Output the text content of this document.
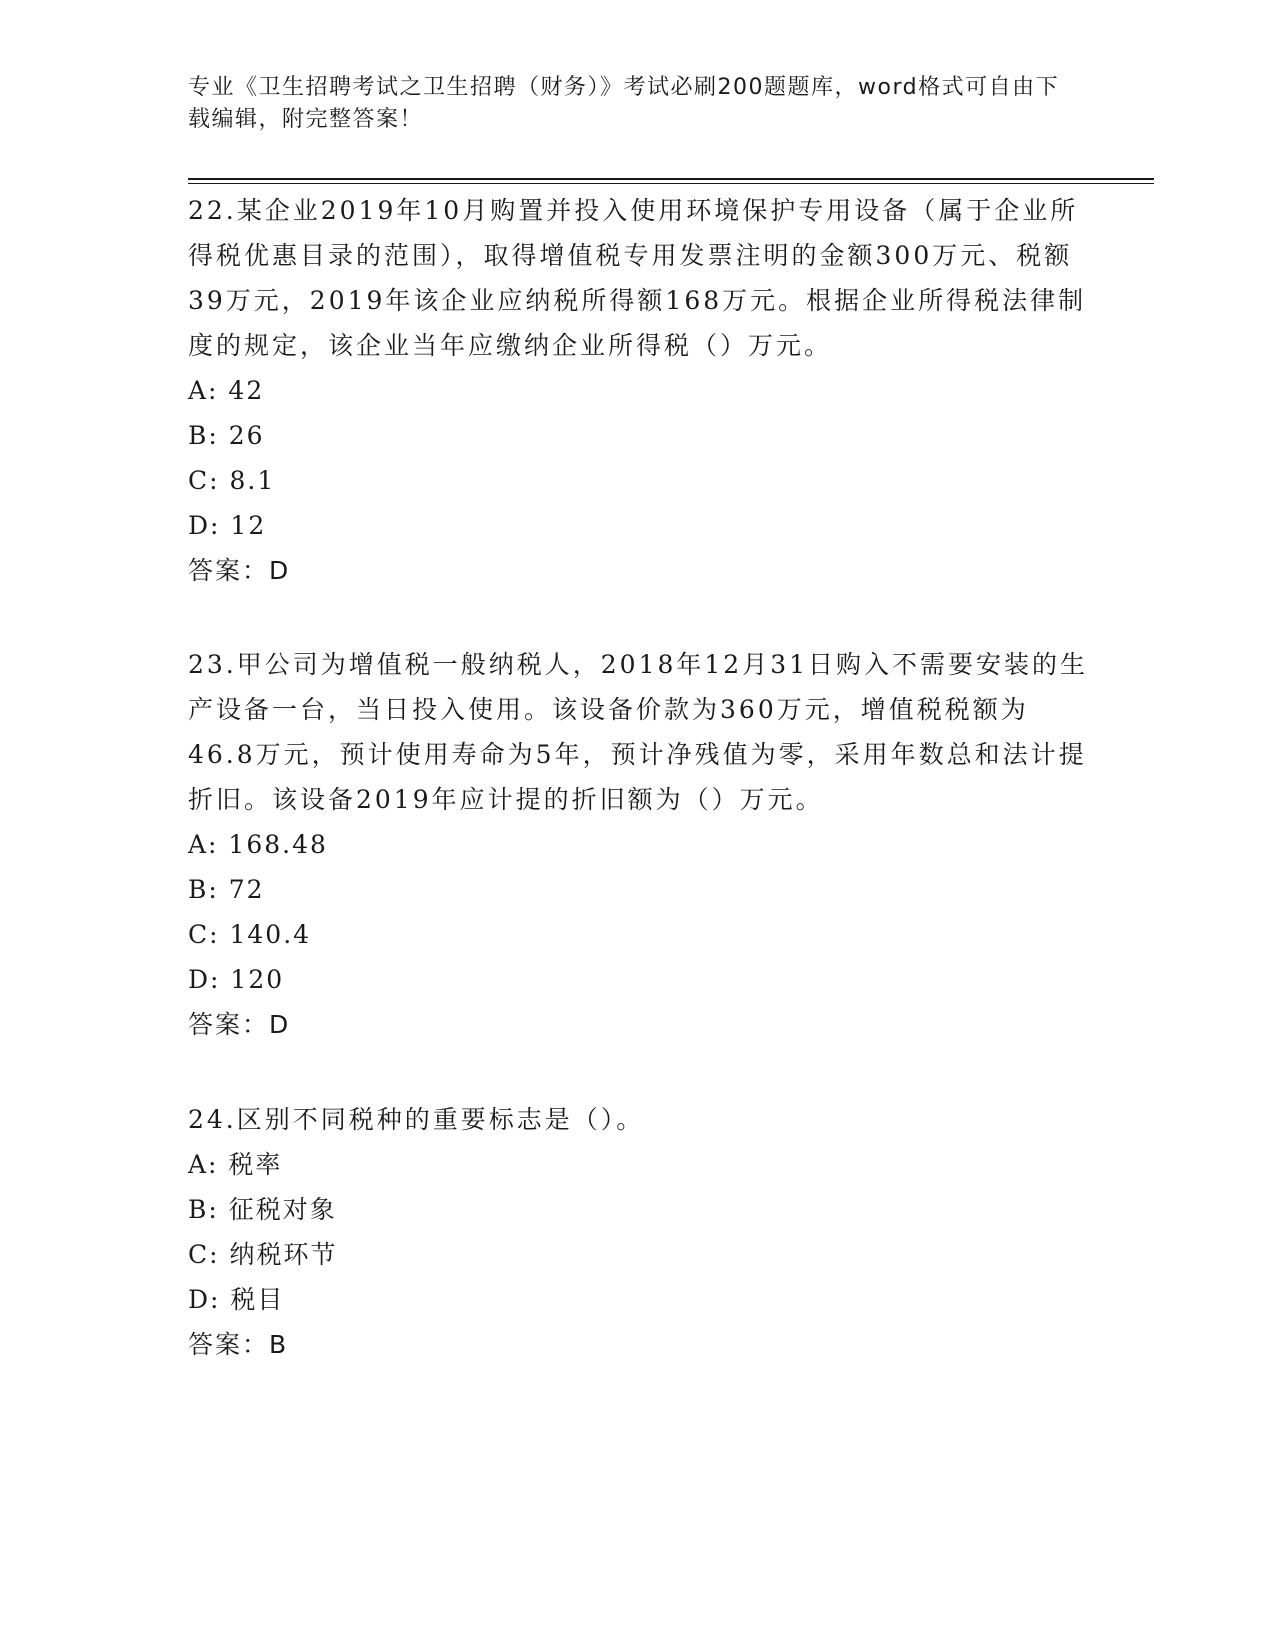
专业《卫生招聘考试之卫生招聘（财务）》考试必刷200题题库，word格式可自由下载编辑，附完整答案！

22.某企业2019年10月购置并投入使用环境保护专用设备（属于企业所得税优惠目录的范围），取得增值税专用发票注明的金额300万元、税额39万元，2019年该企业应纳税所得额168万元。根据企业所得税法律制度的规定，该企业当年应缴纳企业所得税（）万元。

A: 42

B: 26

C: 8.1

D: 12

答案：D

23.甲公司为增值税一般纳税人，2018年12月31日购入不需要安装的生产设备一台，当日投入使用。该设备价款为360万元，增值税税额为46.8万元，预计使用寿命为5年，预计净残值为零，采用年数总和法计提折旧。该设备2019年应计提的折旧额为（）万元。

A: 168.48

B: 72

C: 140.4

D: 120

答案：D

24.区别不同税种的重要标志是（）。

A: 税率

B: 征税对象

C: 纳税环节

D: 税目

答案：B
